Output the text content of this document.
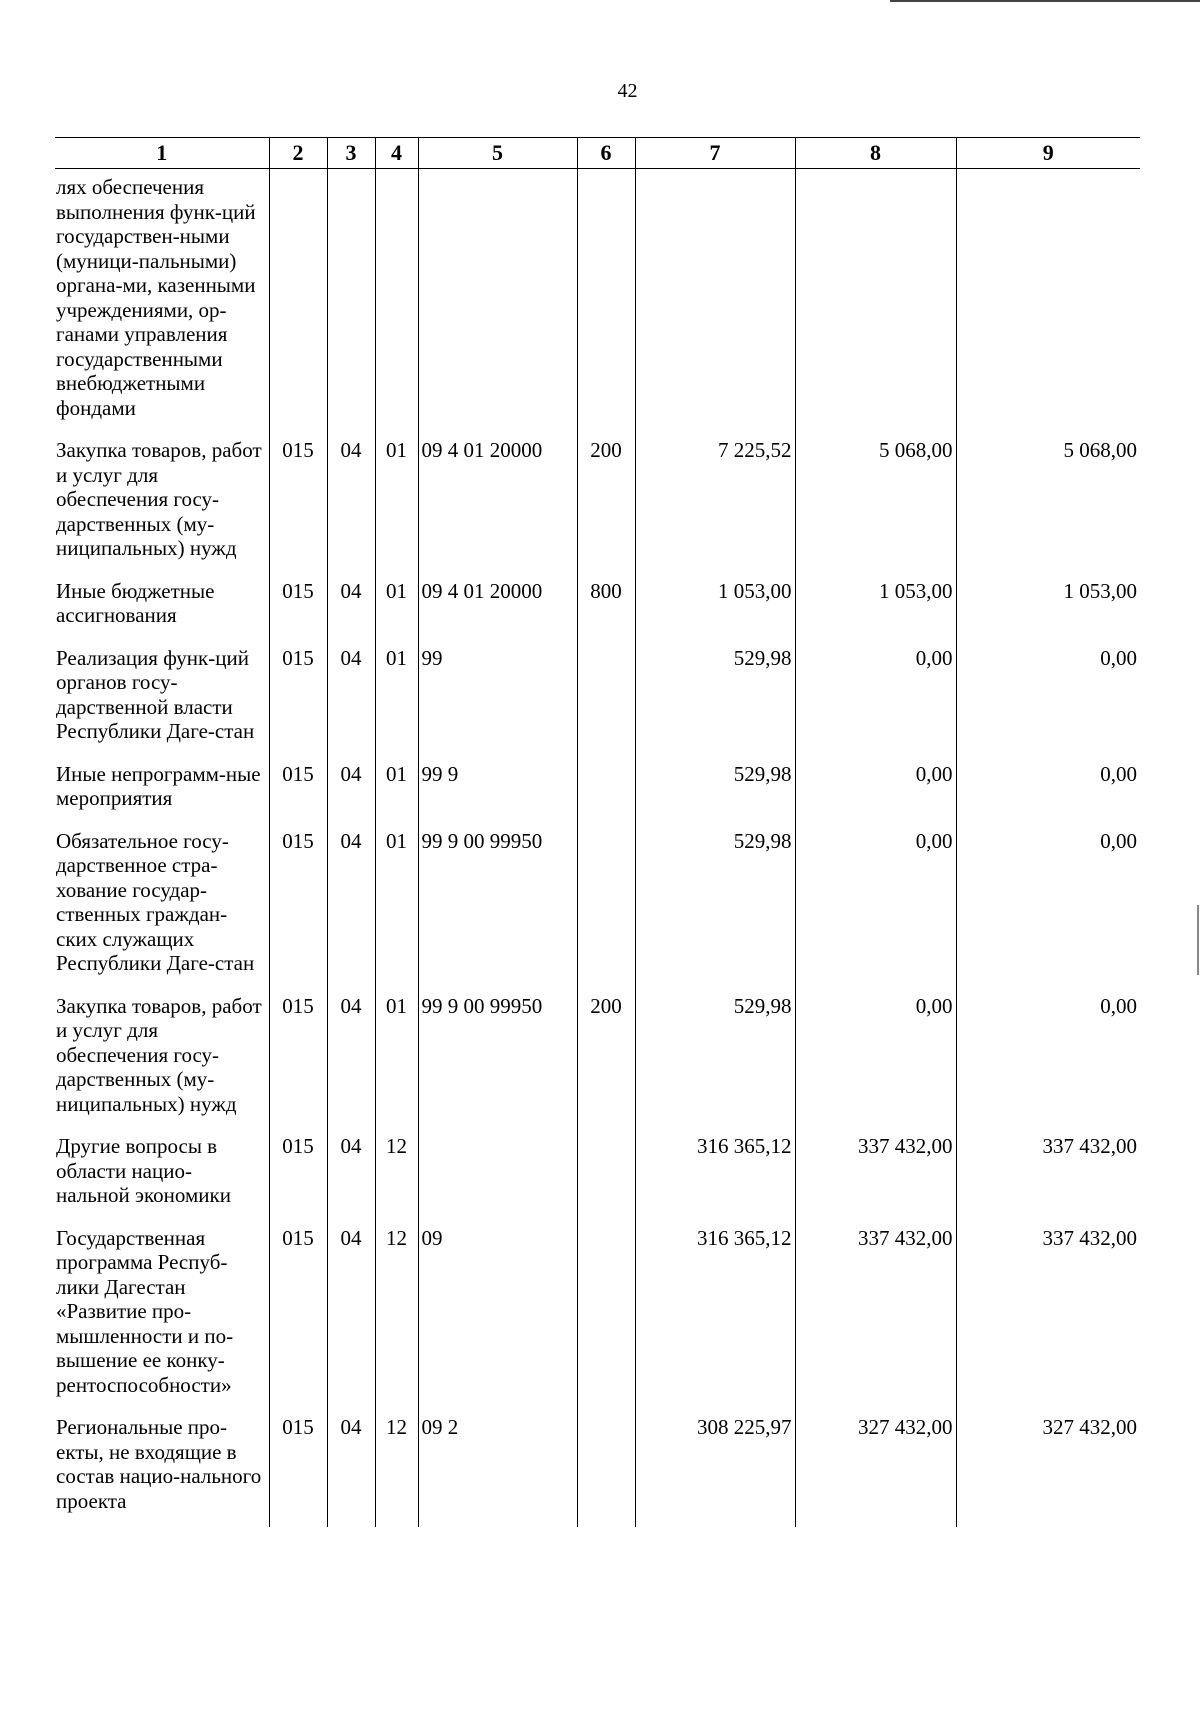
42
1	2	3	4	5	6	7	8	9
лях обеспечения выполнения функ-ций государствен-ными (муници-пальными) органа-ми, казенными учреждениями, ор-ганами управления государственными внебюджетными фондами								
Закупка товаров, работ и услуг для обеспечения госу-дарственных (му-ниципальных) нужд	015	04	01	09 4 01 20000	200	7 225,52	5 068,00	5 068,00
Иные бюджетные ассигнования	015	04	01	09 4 01 20000	800	1 053,00	1 053,00	1 053,00
Реализация функ-ций органов госу-дарственной власти Республики Даге-стан	015	04	01	99		529,98	0,00	0,00
Иные непрограмм-ные мероприятия	015	04	01	99 9		529,98	0,00	0,00
Обязательное госу-дарственное стра-хование государ-ственных граждан-ских служащих Республики Даге-стан	015	04	01	99 9 00 99950		529,98	0,00	0,00
Закупка товаров, работ и услуг для обеспечения госу-дарственных (му-ниципальных) нужд	015	04	01	99 9 00 99950	200	529,98	0,00	0,00
Другие вопросы в области нацио-нальной экономики	015	04	12			316 365,12	337 432,00	337 432,00
Государственная программа Респуб-лики Дагестан «Развитие про-мышленности и по-вышение ее конку-рентоспособности»	015	04	12	09		316 365,12	337 432,00	337 432,00
Региональные про-екты, не входящие в состав нацио-нального проекта	015	04	12	09 2		308 225,97	327 432,00	327 432,00
